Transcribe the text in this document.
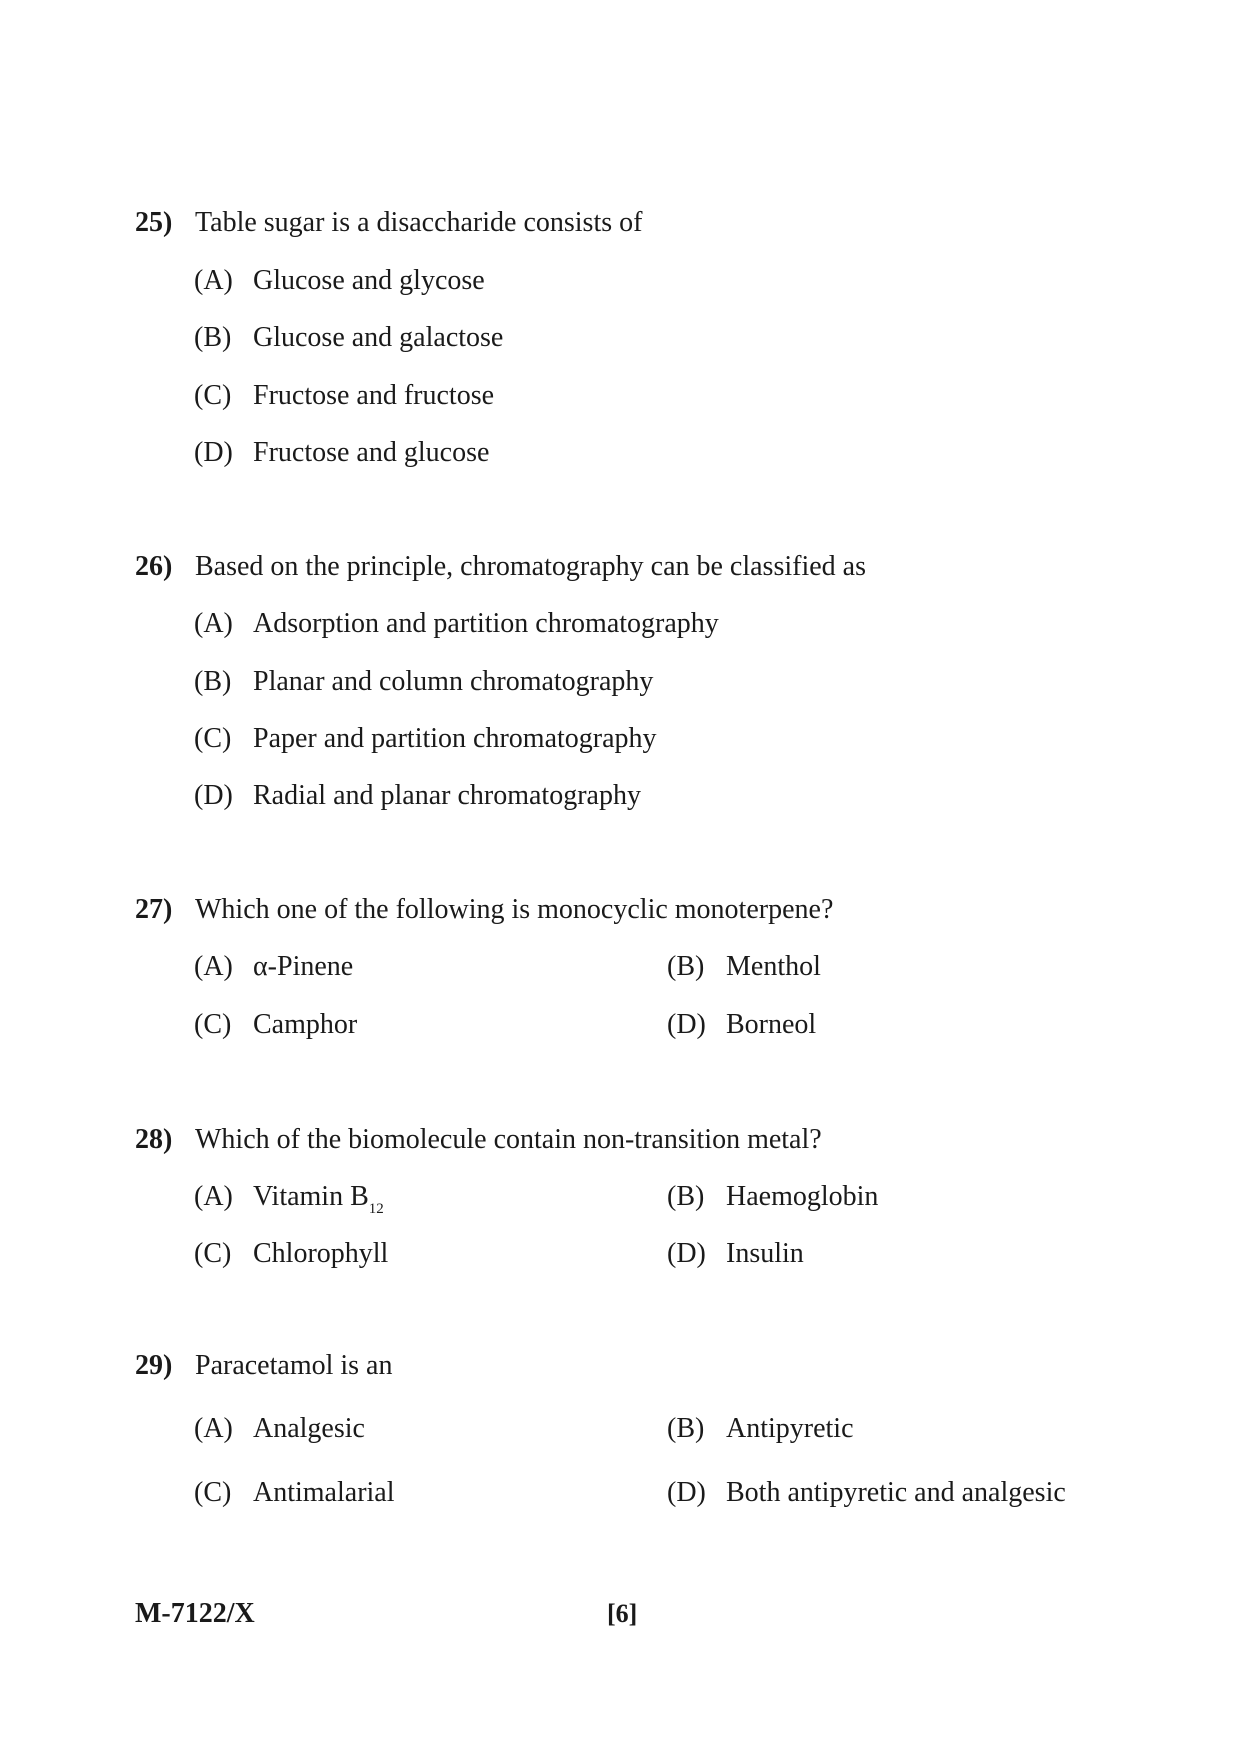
25) Table sugar is a disaccharide consists of
(A) Glucose and glycose
(B) Glucose and galactose
(C) Fructose and fructose
(D) Fructose and glucose
26) Based on the principle, chromatography can be classified as
(A) Adsorption and partition chromatography
(B) Planar and column chromatography
(C) Paper and partition chromatography
(D) Radial and planar chromatography
27) Which one of the following is monocyclic monoterpene?
(A) α-Pinene	(B) Menthol
(C) Camphor	(D) Borneol
28) Which of the biomolecule contain non-transition metal?
(A) Vitamin $B_{12}$	(B) Haemoglobin
(C) Chlorophyll	(D) Insulin
29) Paracetamol is an
(A) Analgesic	(B) Antipyretic
(C) Antimalarial	(D) Both antipyretic and analgesic
M-7122/X	[6]
